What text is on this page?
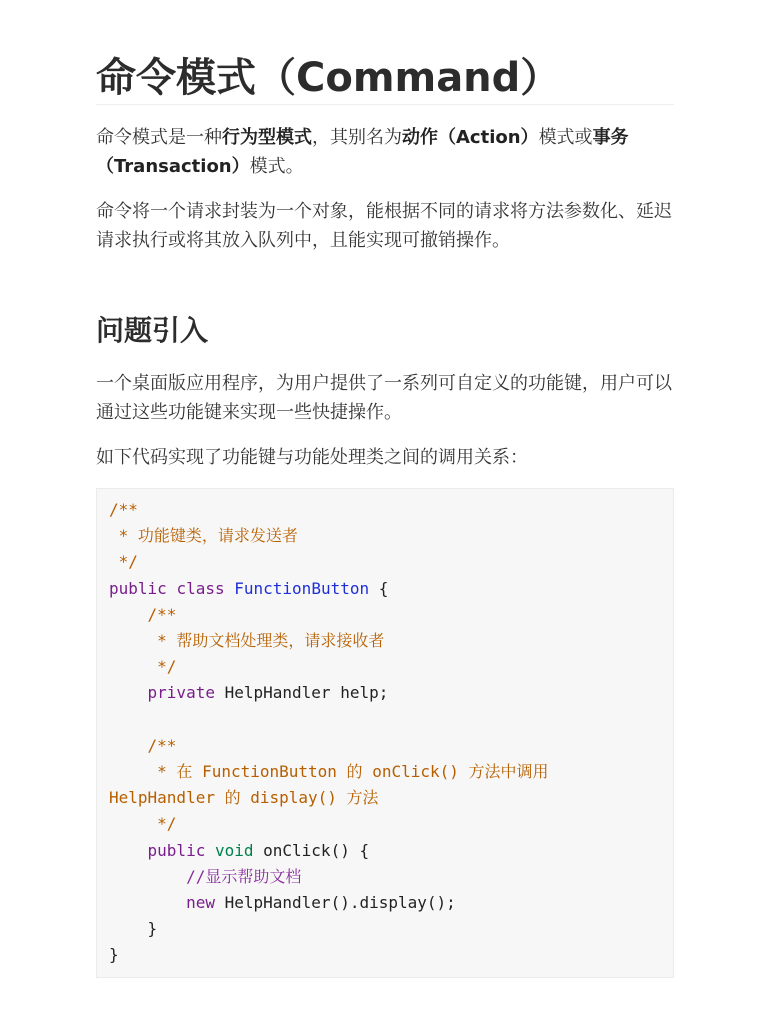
命令模式（Command）

命令模式是一种行为型模式，其别名为动作（Action）模式或事务（Transaction）模式。

命令将一个请求封装为一个对象，能根据不同的请求将方法参数化、延迟请求执行或将其放入队列中，且能实现可撤销操作。

问题引入

一个桌面版应用程序，为用户提供了一系列可自定义的功能键，用户可以通过这些功能键来实现一些快捷操作。

如下代码实现了功能键与功能处理类之间的调用关系：

/**
* 功能键类，请求发送者
*/
public class FunctionButton {
/**
* 帮助文档处理类，请求接收者
*/
private HelpHandler help;

/**
* 在 FunctionButton 的 onClick() 方法中调用
HelpHandler 的 display() 方法
*/
public void onClick() {
//显示帮助文档
new HelpHandler().display();
}
}
